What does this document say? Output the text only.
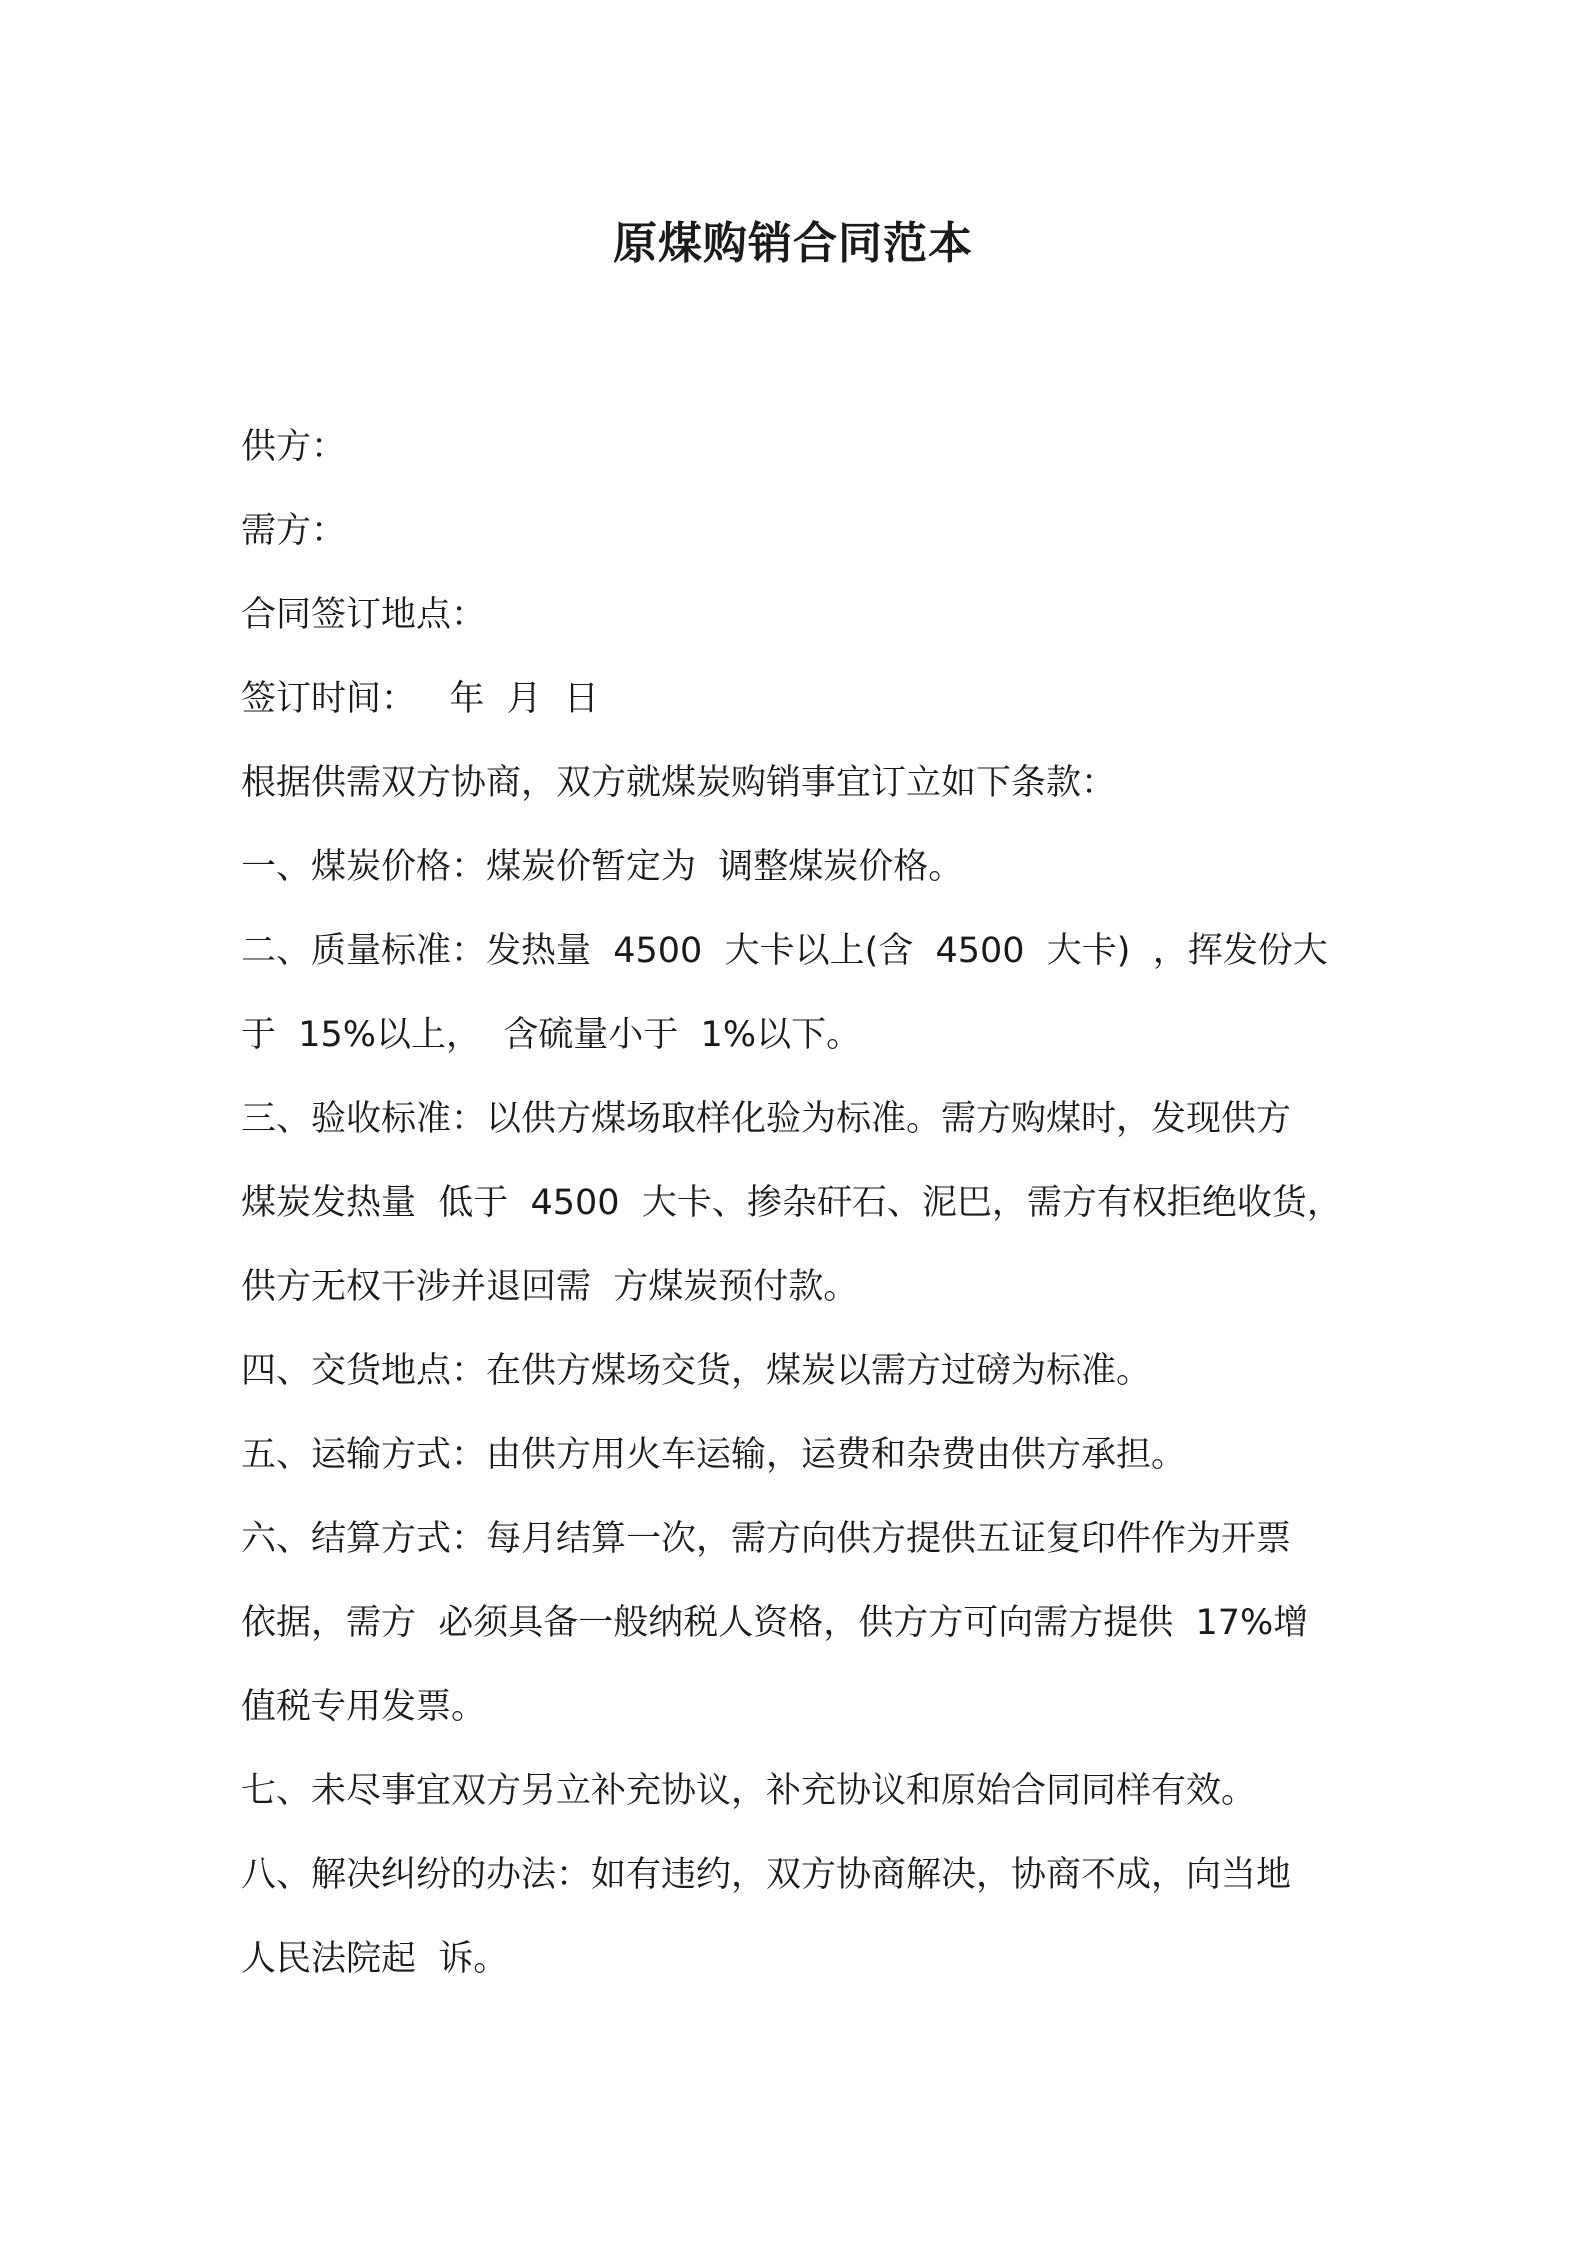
原煤购销合同范本
供方：
需方：
合同签订地点：
签订时间：   年  月  日
根据供需双方协商，双方就煤炭购销事宜订立如下条款：
一、煤炭价格：煤炭价暂定为  调整煤炭价格。
二、质量标准：发热量  4500  大卡以上(含  4500  大卡)  ，挥发份大
于  15%以上，  含硫量小于  1%以下。
三、验收标准：以供方煤场取样化验为标准。需方购煤时，发现供方
煤炭发热量  低于  4500  大卡、掺杂矸石、泥巴，需方有权拒绝收货，
供方无权干涉并退回需  方煤炭预付款。
四、交货地点：在供方煤场交货，煤炭以需方过磅为标准。
五、运输方式：由供方用火车运输，运费和杂费由供方承担。
六、结算方式：每月结算一次，需方向供方提供五证复印件作为开票
依据，需方  必须具备一般纳税人资格，供方方可向需方提供  17%增
值税专用发票。
七、未尽事宜双方另立补充协议，补充协议和原始合同同样有效。
八、解决纠纷的办法：如有违约，双方协商解决，协商不成，向当地
人民法院起  诉。
